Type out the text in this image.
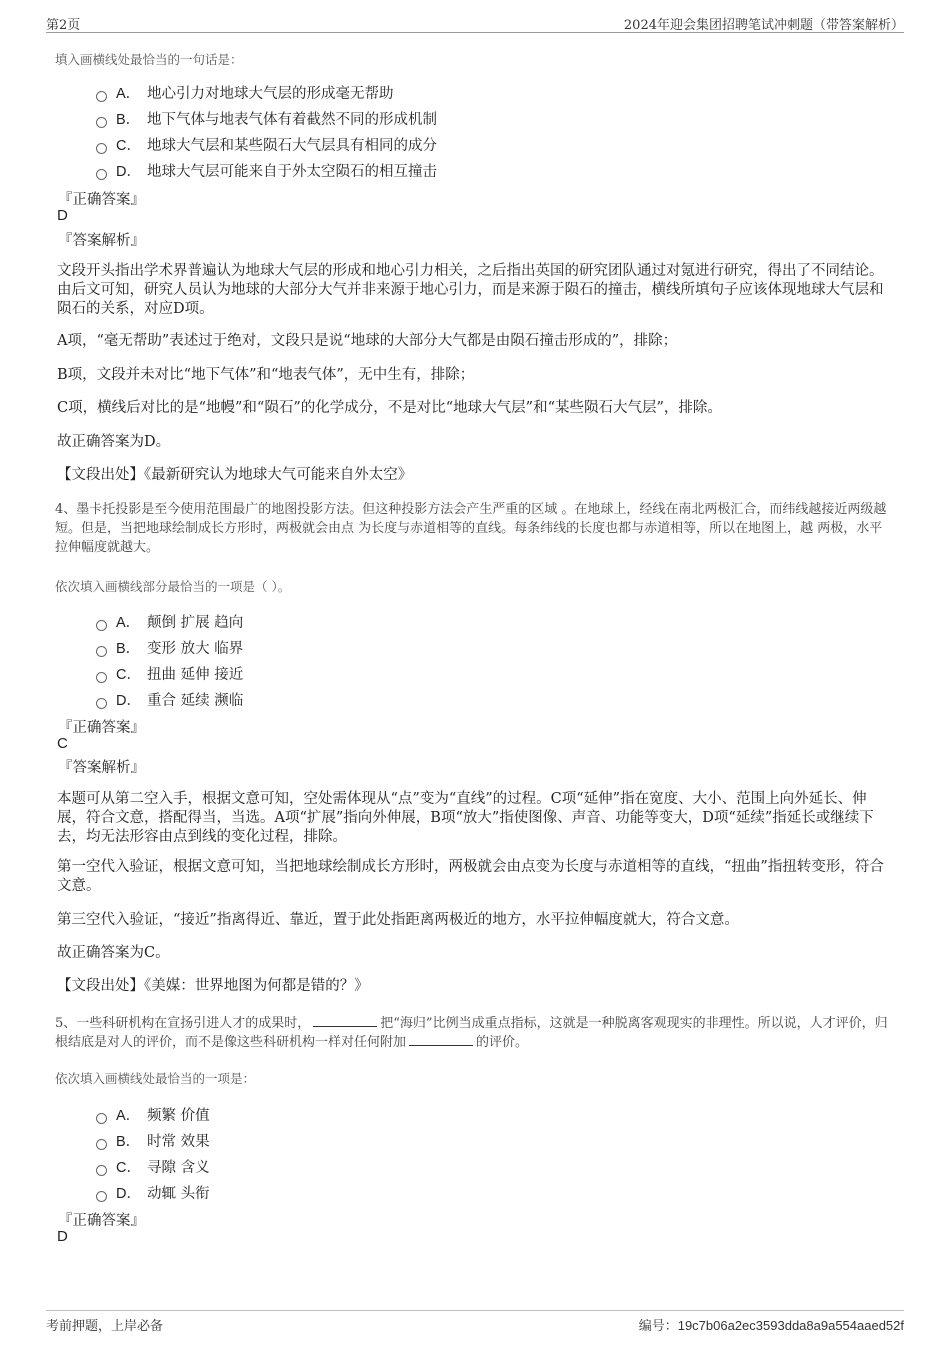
第2页	2024年迎会集团招聘笔试冲刺题（带答案解析）
填入画横线处最恰当的一句话是：
A． 地心引力对地球大气层的形成毫无帮助
B． 地下气体与地表气体有着截然不同的形成机制
C． 地球大气层和某些陨石大气层具有相同的成分
D． 地球大气层可能来自于外太空陨石的相互撞击
『正确答案』
D
『答案解析』
文段开头指出学术界普遍认为地球大气层的形成和地心引力相关，之后指出英国的研究团队通过对氪进行研究，得出了不同结论。由后文可知，研究人员认为地球的大部分大气并非来源于地心引力，而是来源于陨石的撞击，横线所填句子应该体现地球大气层和陨石的关系，对应D项。
A项，“毫无帮助”表述过于绝对，文段只是说“地球的大部分大气都是由陨石撞击形成的”，排除；
B项，文段并未对比“地下气体”和“地表气体”，无中生有，排除；
C项，横线后对比的是“地幔”和“陨石”的化学成分，不是对比“地球大气层”和“某些陨石大气层”，排除。
故正确答案为D。
【文段出处】《最新研究认为地球大气可能来自外太空》
4、墨卡托投影是至今使用范围最广的地图投影方法。但这种投影方法会产生严重的区域 。在地球上，经线在南北两极汇合，而纬线越接近两级越短。但是，当把地球绘制成长方形时，两极就会由点 为长度与赤道相等的直线。每条纬线的长度也都与赤道相等，所以在地图上，越 两极，水平拉伸幅度就越大。
依次填入画横线部分最恰当的一项是（ ）。
A． 颠倒 扩展 趋向
B． 变形 放大 临界
C． 扭曲 延伸 接近
D． 重合 延续 濒临
『正确答案』
C
『答案解析』
本题可从第二空入手，根据文意可知，空处需体现从“点”变为“直线”的过程。C项“延伸”指在宽度、大小、范围上向外延长、伸展，符合文意，搭配得当，当选。A项“扩展”指向外伸展，B项“放大”指使图像、声音、功能等变大，D项“延续”指延长或继续下去，均无法形容由点到线的变化过程，排除。
第一空代入验证，根据文意可知，当把地球绘制成长方形时，两极就会由点变为长度与赤道相等的直线，“扭曲”指扭转变形，符合文意。
第三空代入验证，“接近”指离得近、靠近，置于此处指距离两极近的地方，水平拉伸幅度就大，符合文意。
故正确答案为C。
【文段出处】《美媒：世界地图为何都是错的？》
5、一些科研机构在宣扬引进人才的成果时，	把“海归”比例当成重点指标，这就是一种脱离客观现实的非理性。所以说，人才评价，归根结底是对人的评价，而不是像这些科研机构一样对任何附加	的评价。
依次填入画横线处最恰当的一项是：
A． 频繁 价值
B． 时常 效果
C． 寻隙 含义
D． 动辄 头衔
『正确答案』
D
考前押题，上岸必备	编号：19c7b06a2ec3593dda8a9a554aaed52f
